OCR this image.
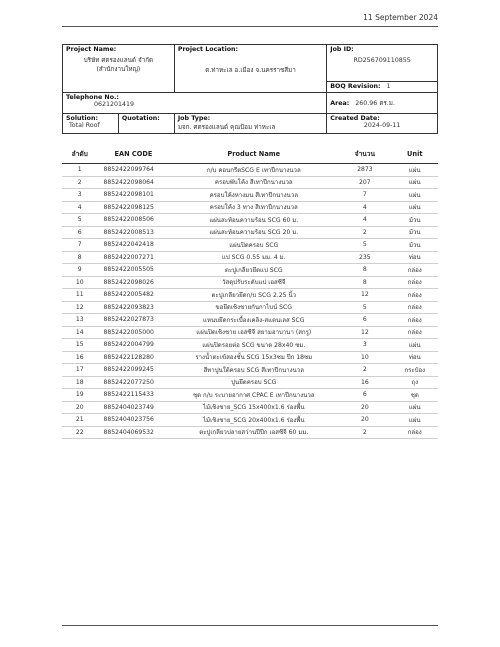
11 September 2024
Project Name:
บริษัท ศตรองแลนด์ จำกัด (สำนักงานใหญ่)		Project Location:
ต.ท่าหะเล อ.เมือง จ.นครราชสีมา	Job ID:
RD256709110855

			BOQ Revision: 1

Telephone No.:
0621201419			Area: 260.96 ตร.ม.

Solution:
Total Roof	Quotation:	Job Type:
มจก. ศตรองแลนด์ คุณป้อม ท่าหะเล	Created Date:
2024-09-11
ลำดับ	EAN CODE	Product Name	จำนวน	Unit
1	8852422099764	ก/บ คอนกรีตSCG E เทาปีกนางนวล	2873	แผ่น
2	8852422098064	ครอบพับโค้ง สีเทาปีกนางนวล	207	แผ่น
3	8852422098101	ครอบโค้งหางมน สีเทาปีกนางนวล	7	แผ่น
4	8852422098125	ครอบโค้ง 3 ทาง สีเทาปีกนางนวล	4	แผ่น
5	8852422008506	แผ่นสะท้อนความร้อน SCG 60 ม.	4	ม้วน
6	8852422008513	แผ่นสะท้อนความร้อน SCG 20 ม.	2	ม้วน
7	8852422042418	แผ่นปิดครอบ SCG	5	ม้วน
8	8852422007271	แป SCG 0.55 มม. 4 ม.	235	ท่อน
9	8852422005505	ตะปูเกลียวยึดแป SCG	8	กล่อง
10	8852422098026	วัสดุปรับระดับแป เอสซีจี	8	กล่อง
11	8852422005482	ตะปูเกลียวยึดก/บ SCG 2.25 นิ้ว	12	กล่อง
12	8852422093823	ขอยึดเชิงชายกันกาไบน์ SCG	5	กล่อง
13	8852422027873	แหนบยึดกระเบื้องเคลิง-สแตนเลส SCG	6	กล่อง
14	8852422005000	แผ่นปิดเชิงชาย เอสซีจี สยามฮาบานา (สกรู)	12	กล่อง
15	8852422004799	แผ่นปิดรอยต่อ SCG ขนาด 28x40 ซม.	3	แผ่น
16	8852422128280	รางน้ำตะเข้สองชั้น SCG 15x3ซม ปีก 18ซม	10	ท่อน
17	8852422099245	สีทาปูนใต้ครอบ SCG สีเทาปีกนางนวล	2	กระป๋อง
18	8852422077250	ปูนยึดครอบ SCG	16	ถุง
19	8852422115433	ชุด ก/บ ระบายอากาศ CPAC E เทาปีกนางนวล	6	ชุด
20	8852404023749	ไม้เชิงชาย_SCG 15x400x1.6 ร่องพื้น	20	แผ่น
21	8852404023756	ไม้เชิงชาย_SCG 20x400x1.6 ร่องพื้น	20	แผ่น
22	8852404069532	ตะปูเกลียวปลายสว่านปีปีก เอสซีจี 60 มม.	2	กล่อง
